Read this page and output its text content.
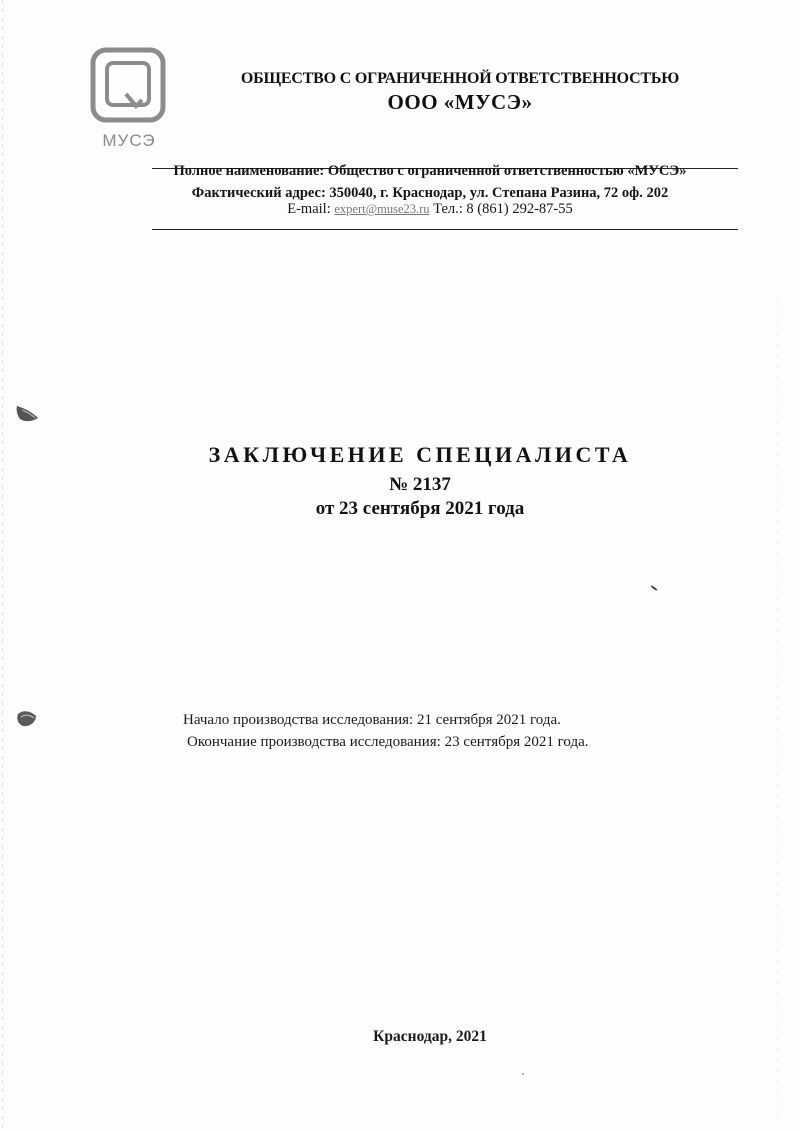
МУСЭ
ОБЩЕСТВО С ОГРАНИЧЕННОЙ ОТВЕТСТВЕННОСТЬЮ
ООО «МУСЭ»
Полное наименование: Общество с ограниченной ответственностью «МУСЭ»
Фактический адрес: 350040, г. Краснодар, ул. Степана Разина, 72 оф. 202
E-mail: expert@muse23.ru Тел.: 8 (861) 292-87-55
ЗАКЛЮЧЕНИЕ СПЕЦИАЛИСТА
№ 2137
от 23 сентября 2021 года
Начало производства исследования: 21 сентября 2021 года.
Окончание производства исследования: 23 сентября 2021 года.
Краснодар, 2021
